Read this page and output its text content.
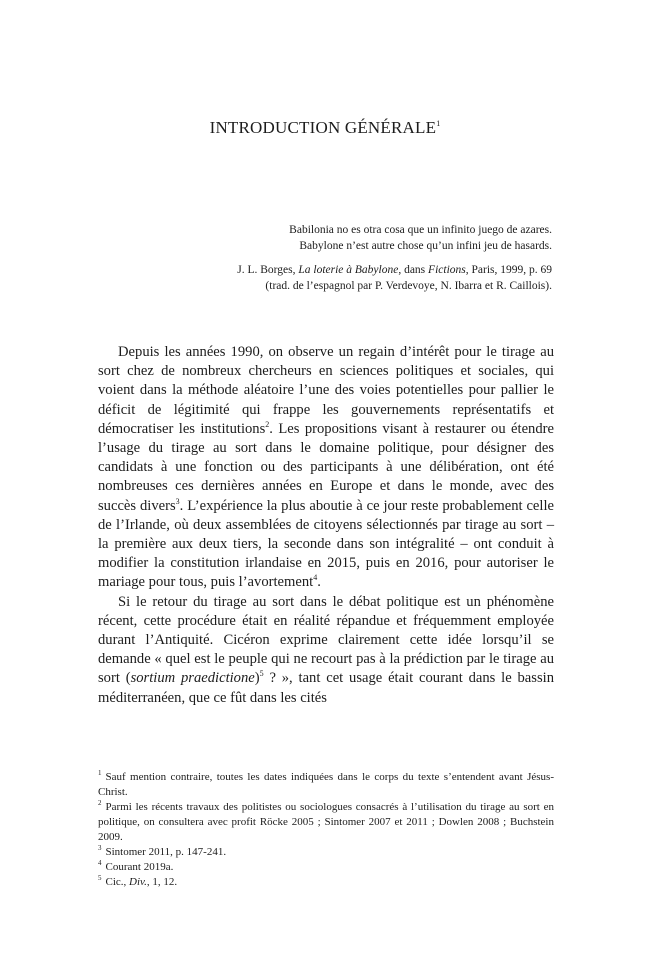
INTRODUCTION GÉNÉRALE$^1$
Babilonia no es otra cosa que un infinito juego de azares.
Babylone n’est autre chose qu’un infini jeu de hasards.
J. L. Borges, La loterie à Babylone, dans Fictions, Paris, 1999, p. 69
(trad. de l’espagnol par P. Verdevoye, N. Ibarra et R. Caillois).

Depuis les années 1990, on observe un regain d’intérêt pour le tirage au sort chez de nombreux chercheurs en sciences politiques et sociales, qui voient dans la méthode aléatoire l’une des voies potentielles pour pallier le déficit de légitimité qui frappe les gouvernements représentatifs et démocratiser les institutions$^2$. Les propositions visant à restaurer ou étendre l’usage du tirage au sort dans le domaine politique, pour désigner des candidats à une fonction ou des participants à une délibération, ont été nombreuses ces dernières années en Europe et dans le monde, avec des succès divers$^3$. L’expérience la plus aboutie à ce jour reste probablement celle de l’Irlande, où deux assemblées de citoyens sélectionnés par tirage au sort – la première aux deux tiers, la seconde dans son intégralité – ont conduit à modifier la constitution irlandaise en 2015, puis en 2016, pour autoriser le mariage pour tous, puis l’avortement$^4$.

Si le retour du tirage au sort dans le débat politique est un phénomène récent, cette procédure était en réalité répandue et fréquemment employée durant l’Antiquité. Cicéron exprime clairement cette idée lorsqu’il se demande « quel est le peuple qui ne recourt pas à la prédiction par le tirage au sort (sortium praedictione)$^5$ ? », tant cet usage était courant dans le bassin méditerranéen, que ce fût dans les cités

$^1$ Sauf mention contraire, toutes les dates indiquées dans le corps du texte s’entendent avant Jésus-Christ.

$^2$ Parmi les récents travaux des politistes ou sociologues consacrés à l’utilisation du tirage au sort en politique, on consultera avec profit Röcke 2005 ; Sintomer 2007 et 2011 ; Dowlen 2008 ; Buchstein 2009.

$^3$ Sintomer 2011, p. 147-241.

$^4$ Courant 2019a.

$^5$ Cic., Div., 1, 12.
